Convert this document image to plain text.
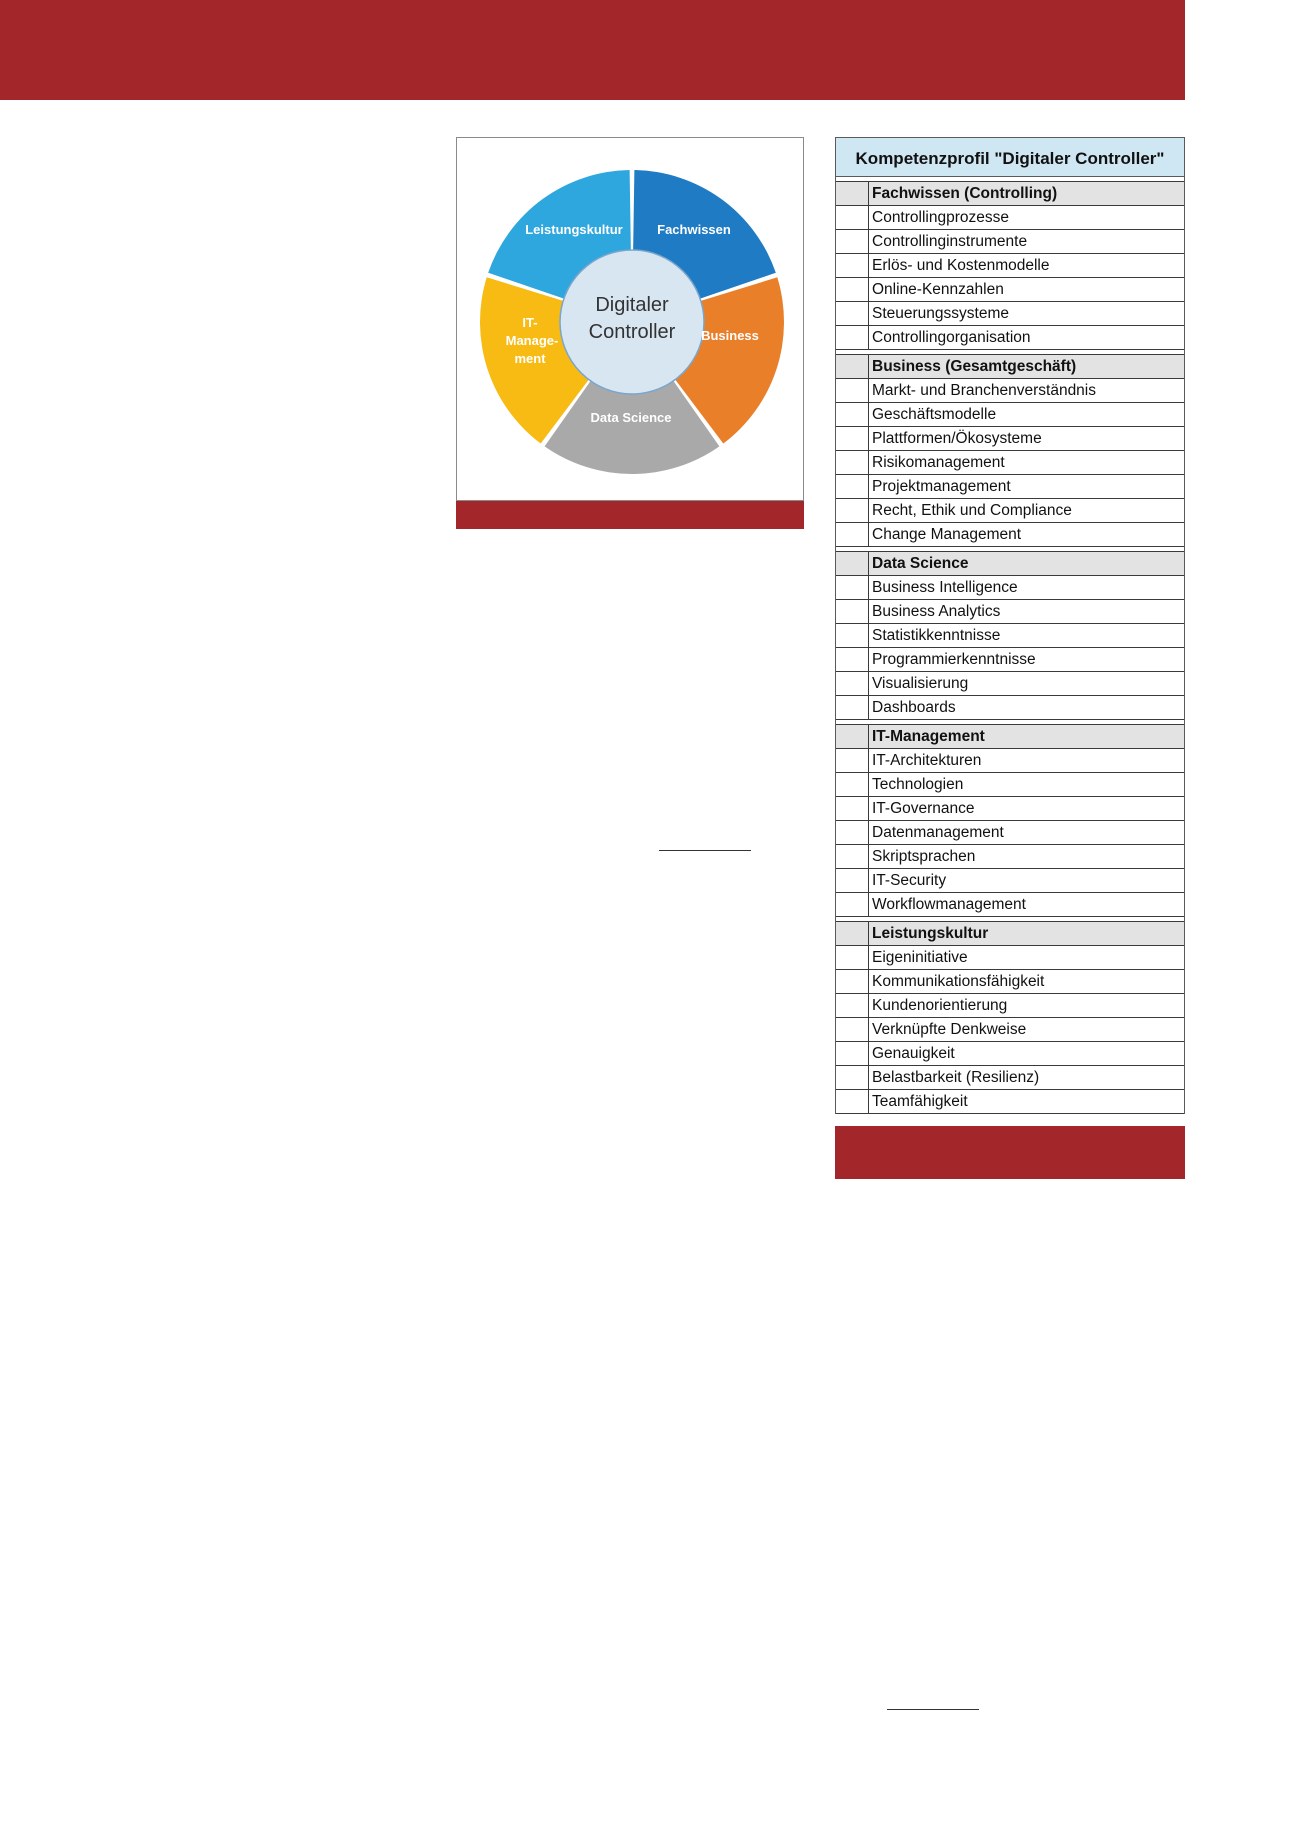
Digitaler
Controller
Fachwissen
Business
Data Science
IT-
Manage-
ment
Leistungskultur
Kompetenzprofil "Digitaler Controller"
Fachwissen (Controlling)
Controllingprozesse
Controllinginstrumente
Erlös- und Kostenmodelle
Online-Kennzahlen
Steuerungssysteme
Controllingorganisation
Business (Gesamtgeschäft)
Markt- und Branchenverständnis
Geschäftsmodelle
Plattformen/Ökosysteme
Risikomanagement
Projektmanagement
Recht, Ethik und Compliance
Change Management
Data Science
Business Intelligence
Business Analytics
Statistikkenntnisse
Programmierkenntnisse
Visualisierung
Dashboards
IT-Management
IT-Architekturen
Technologien
IT-Governance
Datenmanagement
Skriptsprachen
IT-Security
Workflowmanagement
Leistungskultur
Eigeninitiative
Kommunikationsfähigkeit
Kundenorientierung
Verknüpfte Denkweise
Genauigkeit
Belastbarkeit (Resilienz)
Teamfähigkeit
